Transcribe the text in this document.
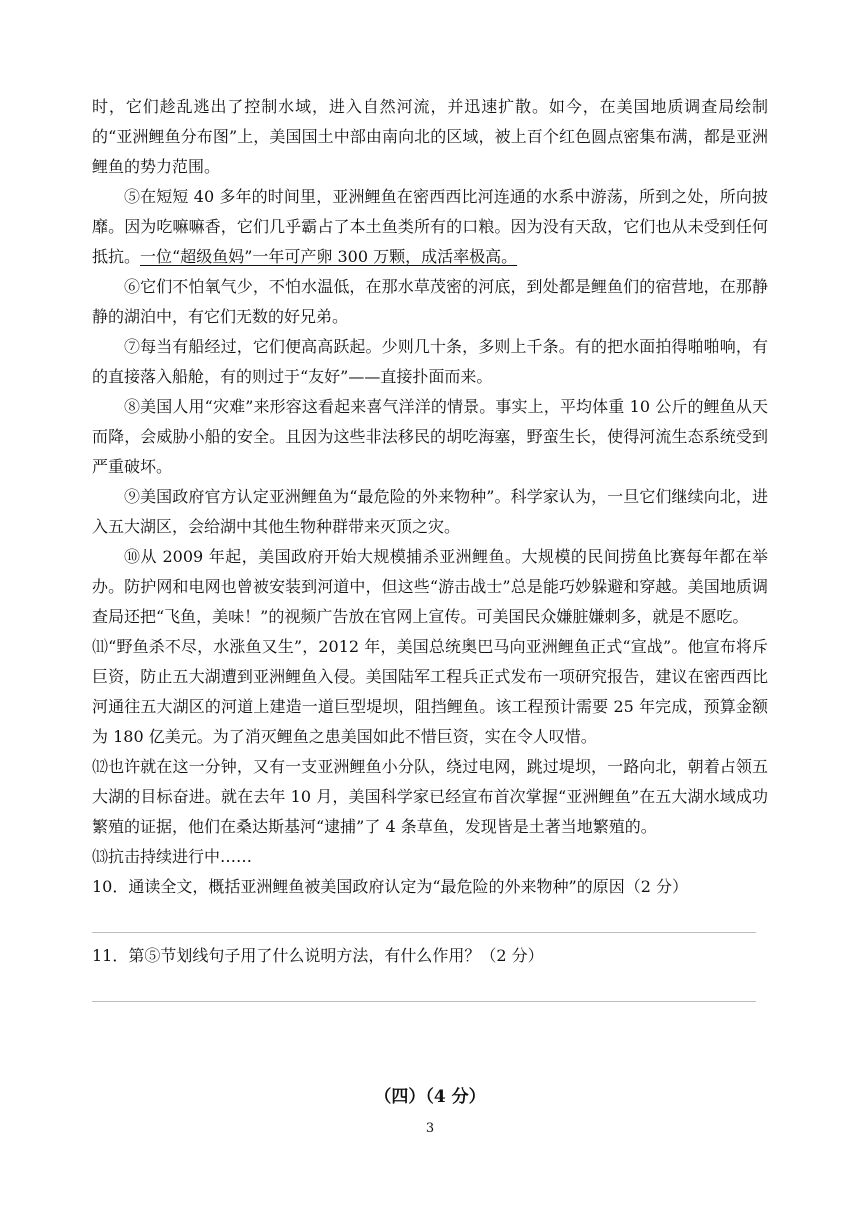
时，它们趁乱逃出了控制水域，进入自然河流，并迅速扩散。如今，在美国地质调查局绘制的“亚洲鲤鱼分布图”上，美国国土中部由南向北的区域，被上百个红色圆点密集布满，都是亚洲鲤鱼的势力范围。

⑤在短短 40 多年的时间里，亚洲鲤鱼在密西西比河连通的水系中游荡，所到之处，所向披靡。因为吃嘛嘛香，它们几乎霸占了本土鱼类所有的口粮。因为没有天敌，它们也从未受到任何抵抗。一位“超级鱼妈”一年可产卵 300 万颗，成活率极高。

⑥它们不怕氧气少，不怕水温低，在那水草茂密的河底，到处都是鲤鱼们的宿营地，在那静静的湖泊中，有它们无数的好兄弟。

⑦每当有船经过，它们便高高跃起。少则几十条，多则上千条。有的把水面拍得啪啪响，有的直接落入船舱，有的则过于“友好”——直接扑面而来。

⑧美国人用“灾难”来形容这看起来喜气洋洋的情景。事实上，平均体重 10 公斤的鲤鱼从天而降，会威胁小船的安全。且因为这些非法移民的胡吃海塞，野蛮生长，使得河流生态系统受到严重破坏。

⑨美国政府官方认定亚洲鲤鱼为“最危险的外来物种”。科学家认为，一旦它们继续向北，进入五大湖区，会给湖中其他生物种群带来灭顶之灾。

⑩从 2009 年起，美国政府开始大规模捕杀亚洲鲤鱼。大规模的民间捞鱼比赛每年都在举办。防护网和电网也曾被安装到河道中，但这些“游击战士”总是能巧妙躲避和穿越。美国地质调查局还把“飞鱼，美味！”的视频广告放在官网上宣传。可美国民众嫌脏嫌刺多，就是不愿吃。

⑾“野鱼杀不尽，水涨鱼又生”，2012 年，美国总统奥巴马向亚洲鲤鱼正式“宣战”。他宣布将斥巨资，防止五大湖遭到亚洲鲤鱼入侵。美国陆军工程兵正式发布一项研究报告，建议在密西西比河通往五大湖区的河道上建造一道巨型堤坝，阻挡鲤鱼。该工程预计需要 25 年完成，预算金额为 180 亿美元。为了消灭鲤鱼之患美国如此不惜巨资，实在令人叹惜。

⑿也许就在这一分钟，又有一支亚洲鲤鱼小分队，绕过电网，跳过堤坝，一路向北，朝着占领五大湖的目标奋进。就在去年 10 月，美国科学家已经宣布首次掌握“亚洲鲤鱼”在五大湖水域成功繁殖的证据，他们在桑达斯基河“逮捕”了 4 条草鱼，发现皆是土著当地繁殖的。

⒀抗击持续进行中……

10．通读全文，概括亚洲鲤鱼被美国政府认定为“最危险的外来物种”的原因（2 分）

11．第⑤节划线句子用了什么说明方法，有什么作用？（2 分）

（四）（4 分）
3
